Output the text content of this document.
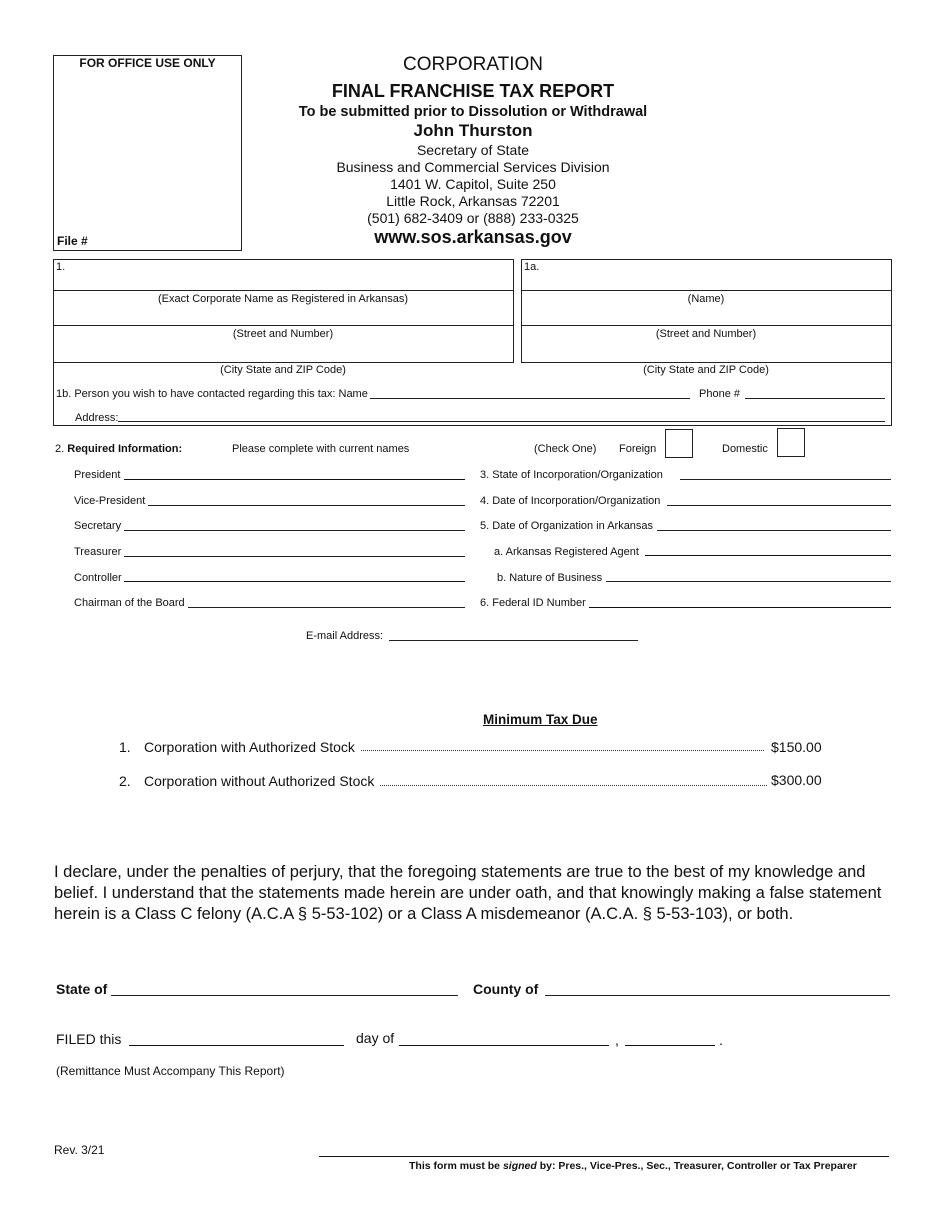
FOR OFFICE USE ONLY
File #
CORPORATION
FINAL FRANCHISE TAX REPORT
To be submitted prior to Dissolution or Withdrawal
John Thurston
Secretary of State
Business and Commercial Services Division
1401 W. Capitol, Suite 250
Little Rock, Arkansas 72201
(501) 682-3409 or (888) 233-0325
www.sos.arkansas.gov
1.
(Exact Corporate Name as Registered in Arkansas)
(Street and Number)
(City State and ZIP Code)
1a.
(Name)
(Street and Number)
(City State and ZIP Code)
1b. Person you wish to have contacted regarding this tax: Name	Phone #
Address:
2. Required Information:	Please complete with current names	(Check One) Foreign	Domestic
President
Vice-President
Secretary
Treasurer
Controller
Chairman of the Board
3. State of Incorporation/Organization
4. Date of Incorporation/Organization
5. Date of Organization in Arkansas
a. Arkansas Registered Agent
b. Nature of Business
6. Federal ID Number
E-mail Address:
Minimum Tax Due
1. Corporation with Authorized Stock	$150.00
2. Corporation without Authorized Stock	$300.00
I declare, under the penalties of perjury, that the foregoing statements are true to the best of my knowledge and belief. I understand that the statements made herein are under oath, and that knowingly making a false statement herein is a Class C felony (A.C.A § 5-53-102) or a Class A misdemeanor (A.C.A. § 5-53-103), or both.
State of	County of
FILED this	day of	,	.
(Remittance Must Accompany This Report)
Rev. 3/21
This form must be signed by: Pres., Vice-Pres., Sec., Treasurer, Controller or Tax Preparer
